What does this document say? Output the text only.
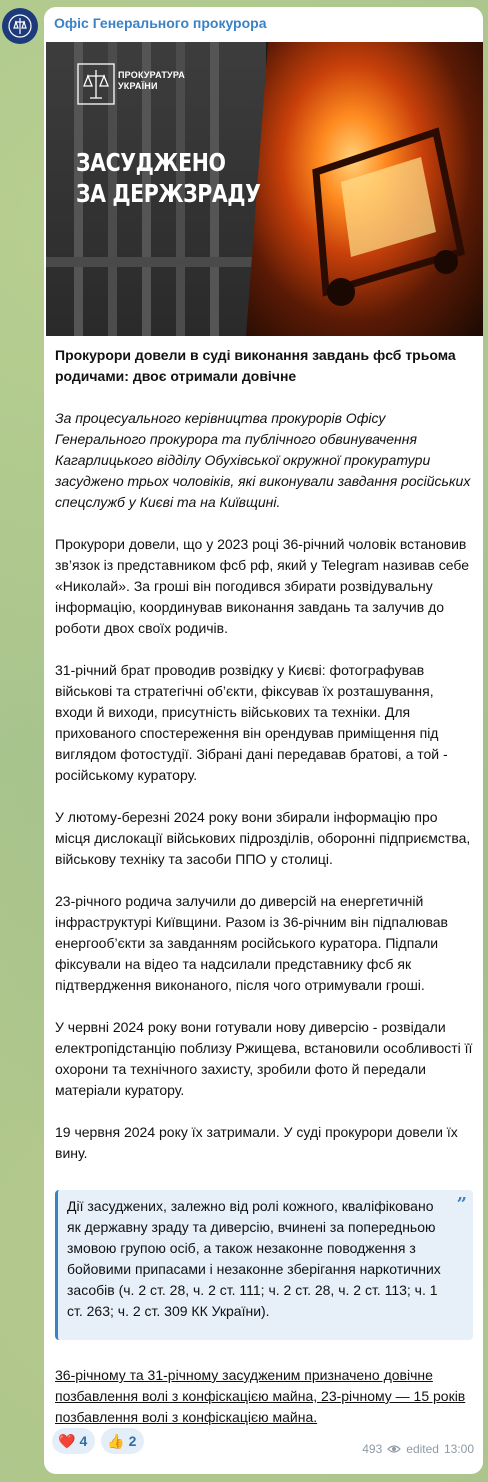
Офіс Генерального прокурора
ПРОКУРАТУРА
УКРАЇНИ
ЗАСУДЖЕНО
ЗА ДЕРЖЗРАДУ
Прокурори довели в суді виконання завдань фсб трьома родичами: двоє отримали довічне
За процесуального керівництва прокурорів Офісу Генерального прокурора та публічного обвинувачення Кагарлицького відділу Обухівської окружної прокуратури засуджено трьох чоловіків, які виконували завдання російських спецслужб у Києві та на Київщині.
Прокурори довели, що у 2023 році 36-річний чоловік встановив зв’язок із представником фсб рф, який у Telegram називав себе «Николай». За гроші він погодився збирати розвідувальну інформацію, координував виконання завдань та залучив до роботи двох своїх родичів.
31-річний брат проводив розвідку у Києві: фотографував військові та стратегічні об’єкти, фіксував їх розташування, входи й виходи, присутність військових та техніки. Для прихованого спостереження він орендував приміщення під виглядом фотостудії. Зібрані дані передавав братові, а той - російському куратору.
У лютому-березні 2024 року вони збирали інформацію про місця дислокації військових підрозділів, оборонні підприємства, військову техніку та засоби ППО у столиці.
23-річного родича залучили до диверсій на енергетичній інфраструктурі Київщини. Разом із 36-річним він підпалював енергооб’єкти за завданням російського куратора. Підпали фіксували на відео та надсилали представнику фсб як підтвердження виконаного, після чого отримували гроші.
У червні 2024 року вони готували нову диверсію - розвідали електропідстанцію поблизу Ржищева, встановили особливості її охорони та технічного захисту, зробили фото й передали матеріали куратору.
19 червня 2024 року їх затримали. У суді прокурори довели їх вину.
Дії засуджених, залежно від ролі кожного, кваліфіковано як державну зраду та диверсію, вчинені за попередньою змовою групою осіб, а також незаконне поводження з бойовими припасами і незаконне зберігання наркотичних засобів (ч. 2 ст. 28, ч. 2 ст. 111; ч. 2 ст. 28, ч. 2 ст. 113; ч. 1 ст. 263; ч. 2 ст. 309 КК України).
”
36-річному та 31-річному засудженим призначено довічне позбавлення волі з конфіскацією майна, 23-річному — 15 років позбавлення волі з конфіскацією майна.
❤️ 4 👍 2	493 edited 13:00
